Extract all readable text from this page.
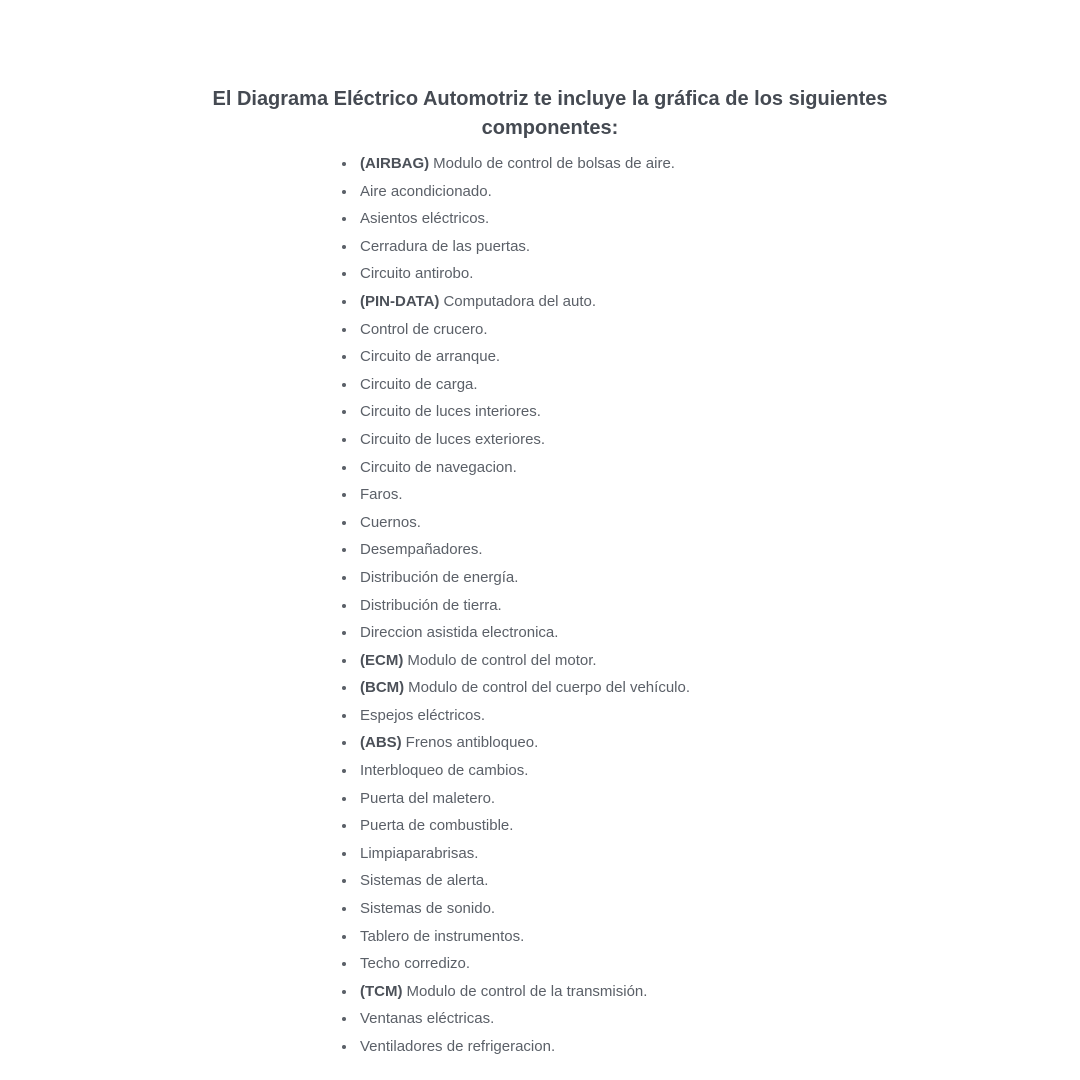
El Diagrama Eléctrico Automotriz te incluye la gráfica de los siguientes componentes:
(AIRBAG) Modulo de control de bolsas de aire.
Aire acondicionado.
Asientos eléctricos.
Cerradura de las puertas.
Circuito antirobo.
(PIN-DATA) Computadora del auto.
Control de crucero.
Circuito de arranque.
Circuito de carga.
Circuito de luces interiores.
Circuito de luces exteriores.
Circuito de navegacion.
Faros.
Cuernos.
Desempañadores.
Distribución de energía.
Distribución de tierra.
Direccion asistida electronica.
(ECM) Modulo de control del motor.
(BCM) Modulo de control del cuerpo del vehículo.
Espejos eléctricos.
(ABS) Frenos antibloqueo.
Interbloqueo de cambios.
Puerta del maletero.
Puerta de combustible.
Limpiaparabrisas.
Sistemas de alerta.
Sistemas de sonido.
Tablero de instrumentos.
Techo corredizo.
(TCM) Modulo de control de la transmisión.
Ventanas eléctricas.
Ventiladores de refrigeracion.
